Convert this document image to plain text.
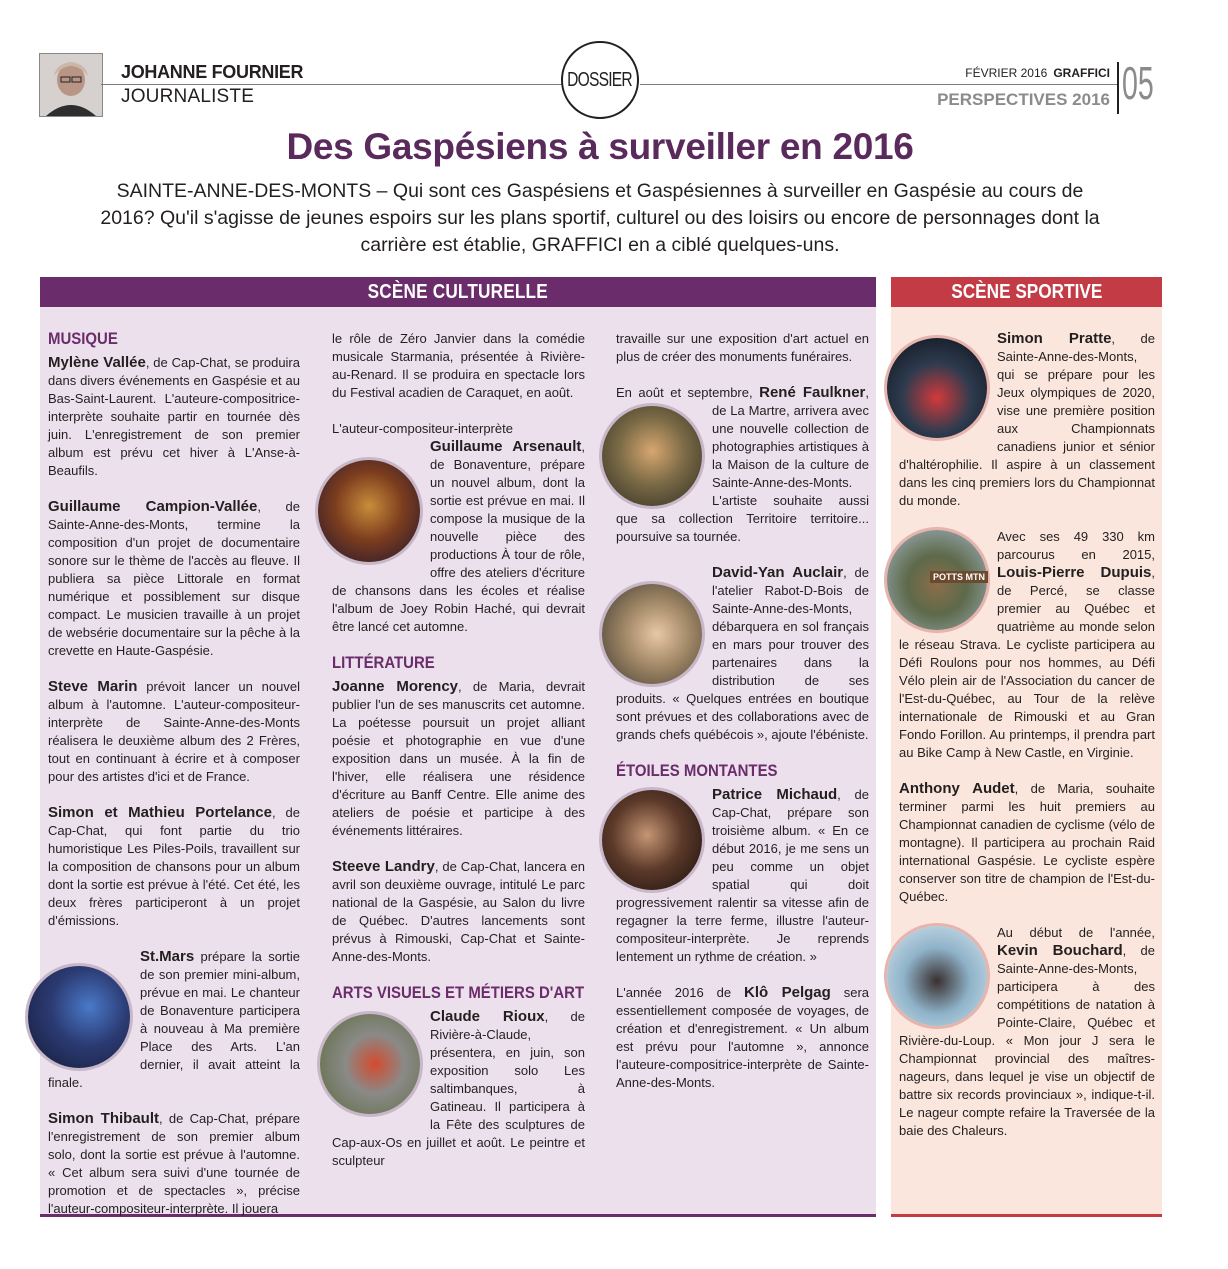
JOHANNE FOURNIER
JOURNALISTE
DOSSIER	FÉVRIER 2016 GRAFFICI
PERSPECTIVES 2016 05
Des Gaspésiens à surveiller en 2016
SAINTE-ANNE-DES-MONTS – Qui sont ces Gaspésiens et Gaspésiennes à surveiller en Gaspésie au cours de 2016? Qu'il s'agisse de jeunes espoirs sur les plans sportif, culturel ou des loisirs ou encore de personnages dont la carrière est établie, GRAFFICI en a ciblé quelques-uns.
SCÈNE CULTURELLE	SCÈNE SPORTIVE
MUSIQUE

Mylène Vallée, de Cap-Chat, se produira dans divers événements en Gaspésie et au Bas-Saint-Laurent. L'auteure-compositrice-interprète souhaite partir en tournée dès juin. L'enregistrement de son premier album est prévu cet hiver à L'Anse-à-Beaufils.

Guillaume Campion-Vallée, de Sainte-Anne-des-Monts, termine la composition d'un projet de documentaire sonore sur le thème de l'accès au fleuve. Il publiera sa pièce Littorale en format numérique et possiblement sur disque compact. Le musicien travaille à un projet de websérie documentaire sur la pêche à la crevette en Haute-Gaspésie.

Steve Marin prévoit lancer un nouvel album à l'automne. L'auteur-compositeur-interprète de Sainte-Anne-des-Monts réalisera le deuxième album des 2 Frères, tout en continuant à écrire et à composer pour des artistes d'ici et de France.

Simon et Mathieu Portelance, de Cap-Chat, qui font partie du trio humoristique Les Piles-Poils, travaillent sur la composition de chansons pour un album dont la sortie est prévue à l'été. Cet été, les deux frères participeront à un projet d'émissions.

St.Mars
prépare la sortie de son premier mini-album, prévue en mai. Le chanteur de Bonaventure participera à nouveau à Ma première Place des Arts. L'an dernier, il avait atteint la finale.

Simon Thibault, de Cap-Chat, prépare l'enregistrement de son premier album solo, dont la sortie est prévue à l'automne. « Cet album sera suivi d'une tournée de promotion et de spectacles », précise l'auteur-compositeur-interprète. Il jouera

le rôle de Zéro Janvier dans la comédie musicale Starmania, présentée à Rivière-au-Renard. Il se produira en spectacle lors du Festival acadien de Caraquet, en août.

L'auteur-compositeur-interprète Guillaume Arsenault
, de Bonaventure, prépare un nouvel album, dont la sortie est prévue en mai. Il compose la musique de la nouvelle pièce des productions À tour de rôle, offre des ateliers d'écriture de chansons dans les écoles et réalise l'album de Joey Robin Haché, qui devrait être lancé cet automne.

LITTÉRATURE

Joanne Morency, de Maria, devrait publier l'un de ses manuscrits cet automne. La poétesse poursuit un projet alliant poésie et photographie en vue d'une exposition dans un musée. À la fin de l'hiver, elle réalisera une résidence d'écriture au Banff Centre. Elle anime des ateliers de poésie et participe à des événements littéraires.

Steeve Landry, de Cap-Chat, lancera en avril son deuxième ouvrage, intitulé Le parc national de la Gaspésie, au Salon du livre de Québec. D'autres lancements sont prévus à Rimouski, Cap-Chat et Sainte-Anne-des-Monts.

ARTS VISUELS ET MÉTIERS D'ART

Claude Rioux, de Rivière-à-Claude, présentera, en juin, son exposition solo Les saltimbanques, à Gatineau. Il participera à la Fête des sculptures de Cap-aux-Os en juillet et août. Le peintre et sculpteur

travaille sur une exposition d'art actuel en plus de créer des monuments funéraires.

En août et septembre, René Faulkner
, de La Martre, arrivera avec une nouvelle collection de photographies artistiques à la Maison de la culture de Sainte-Anne-des-Monts. L'artiste souhaite aussi que sa collection Territoire territoire... poursuive sa tournée.

David-Yan Auclair
, de l'atelier Rabot-D-Bois de Sainte-Anne-des-Monts, débarquera en sol français en mars pour trouver des partenaires dans la distribution de ses produits. « Quelques entrées en boutique sont prévues et des collaborations avec de grands chefs québécois », ajoute l'ébéniste.

ÉTOILES MONTANTES

Patrice Michaud
, de Cap-Chat, prépare son troisième album. « En ce début 2016, je me sens un peu comme un objet spatial qui doit progressivement ralentir sa vitesse afin de regagner la terre ferme, illustre l'auteur-compositeur-interprète. Je reprends lentement un rythme de création. »

L'année 2016 de Klô Pelgag sera essentiellement composée de voyages, de création et d'enregistrement. « Un album est prévu pour l'automne », annonce l'auteure-compositrice-interprète de Sainte-Anne-des-Monts.

Simon Pratte, de Sainte-Anne-des-Monts, qui se prépare pour les Jeux olympiques de 2020, vise une première position aux Championnats canadiens junior et sénior d'haltérophilie. Il aspire à un classement dans les cinq premiers lors du Championnat du monde.

Avec ses 49 330 km parcourus en 2015, Louis-Pierre Dupuis, de Percé, se classe premier au Québec et quatrième au monde selon le réseau Strava. Le cycliste participera au Défi Roulons pour nos hommes, au Défi Vélo plein air de l'Association du cancer de l'Est-du-Québec, au Tour de la relève internationale de Rimouski et au Gran Fondo Forillon. Au printemps, il prendra part au Bike Camp à New Castle, en Virginie.

Anthony Audet, de Maria, souhaite terminer parmi les huit premiers au Championnat canadien de cyclisme (vélo de montagne). Il participera au prochain Raid international Gaspésie. Le cycliste espère conserver son titre de champion de l'Est-du-Québec.

Au début de l'année, Kevin Bouchard, de Sainte-Anne-des-Monts, participera à des compétitions de natation à Pointe-Claire, Québec et Rivière-du-Loup. « Mon jour J sera le Championnat provincial des maîtres-nageurs, dans lequel je vise un objectif de battre six records provinciaux », indique-t-il. Le nageur compte refaire la Traversée de la baie des Chaleurs.

POTTS MTN
